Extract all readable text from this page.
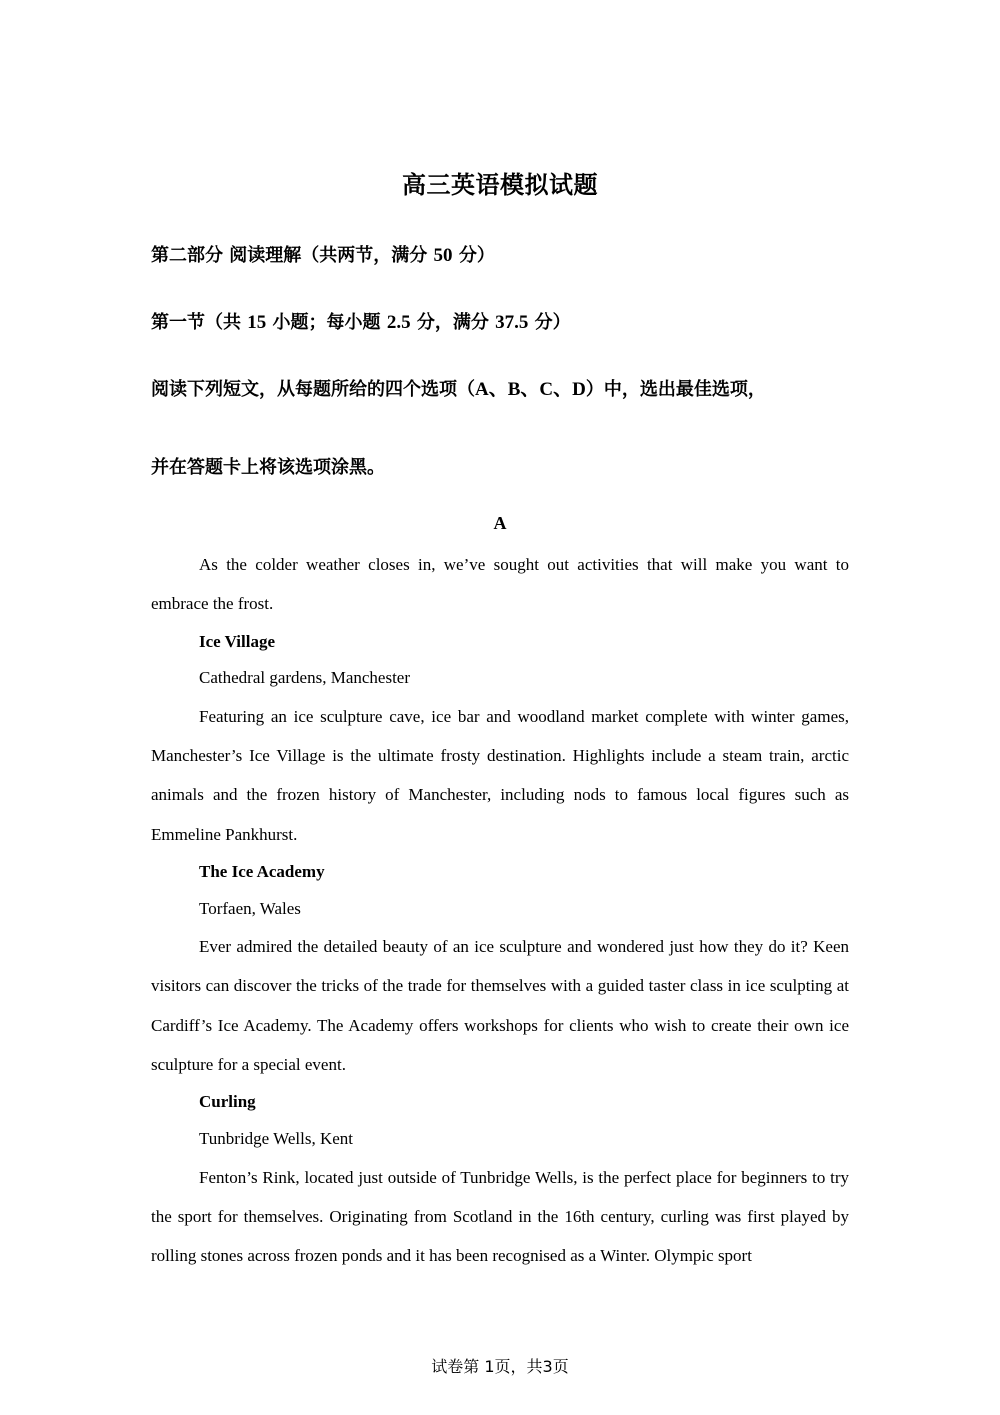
高三英语模拟试题
第二部分 阅读理解（共两节，满分 50 分）
第一节（共 15 小题；每小题 2.5 分，满分 37.5 分）
阅读下列短文，从每题所给的四个选项（A、B、C、D）中，选出最佳选项，
并在答题卡上将该选项涂黑。
A

As the colder weather closes in, we’ve sought out activities that will make you want to embrace the frost.

Ice Village

Cathedral gardens, Manchester

Featuring an ice sculpture cave, ice bar and woodland market complete with winter games, Manchester’s Ice Village is the ultimate frosty destination. Highlights include a steam train, arctic animals and the frozen history of Manchester, including nods to famous local figures such as Emmeline Pankhurst.

The Ice Academy

Torfaen, Wales

Ever admired the detailed beauty of an ice sculpture and wondered just how they do it? Keen visitors can discover the tricks of the trade for themselves with a guided taster class in ice sculpting at Cardiff’s Ice Academy. The Academy offers workshops for clients who wish to create their own ice sculpture for a special event.

Curling

Tunbridge Wells, Kent

Fenton’s Rink, located just outside of Tunbridge Wells, is the perfect place for beginners to try the sport for themselves. Originating from Scotland in the 16th century, curling was first played by rolling stones across frozen ponds and it has been recognised as a Winter. Olympic sport

试卷第 1页，共3页
